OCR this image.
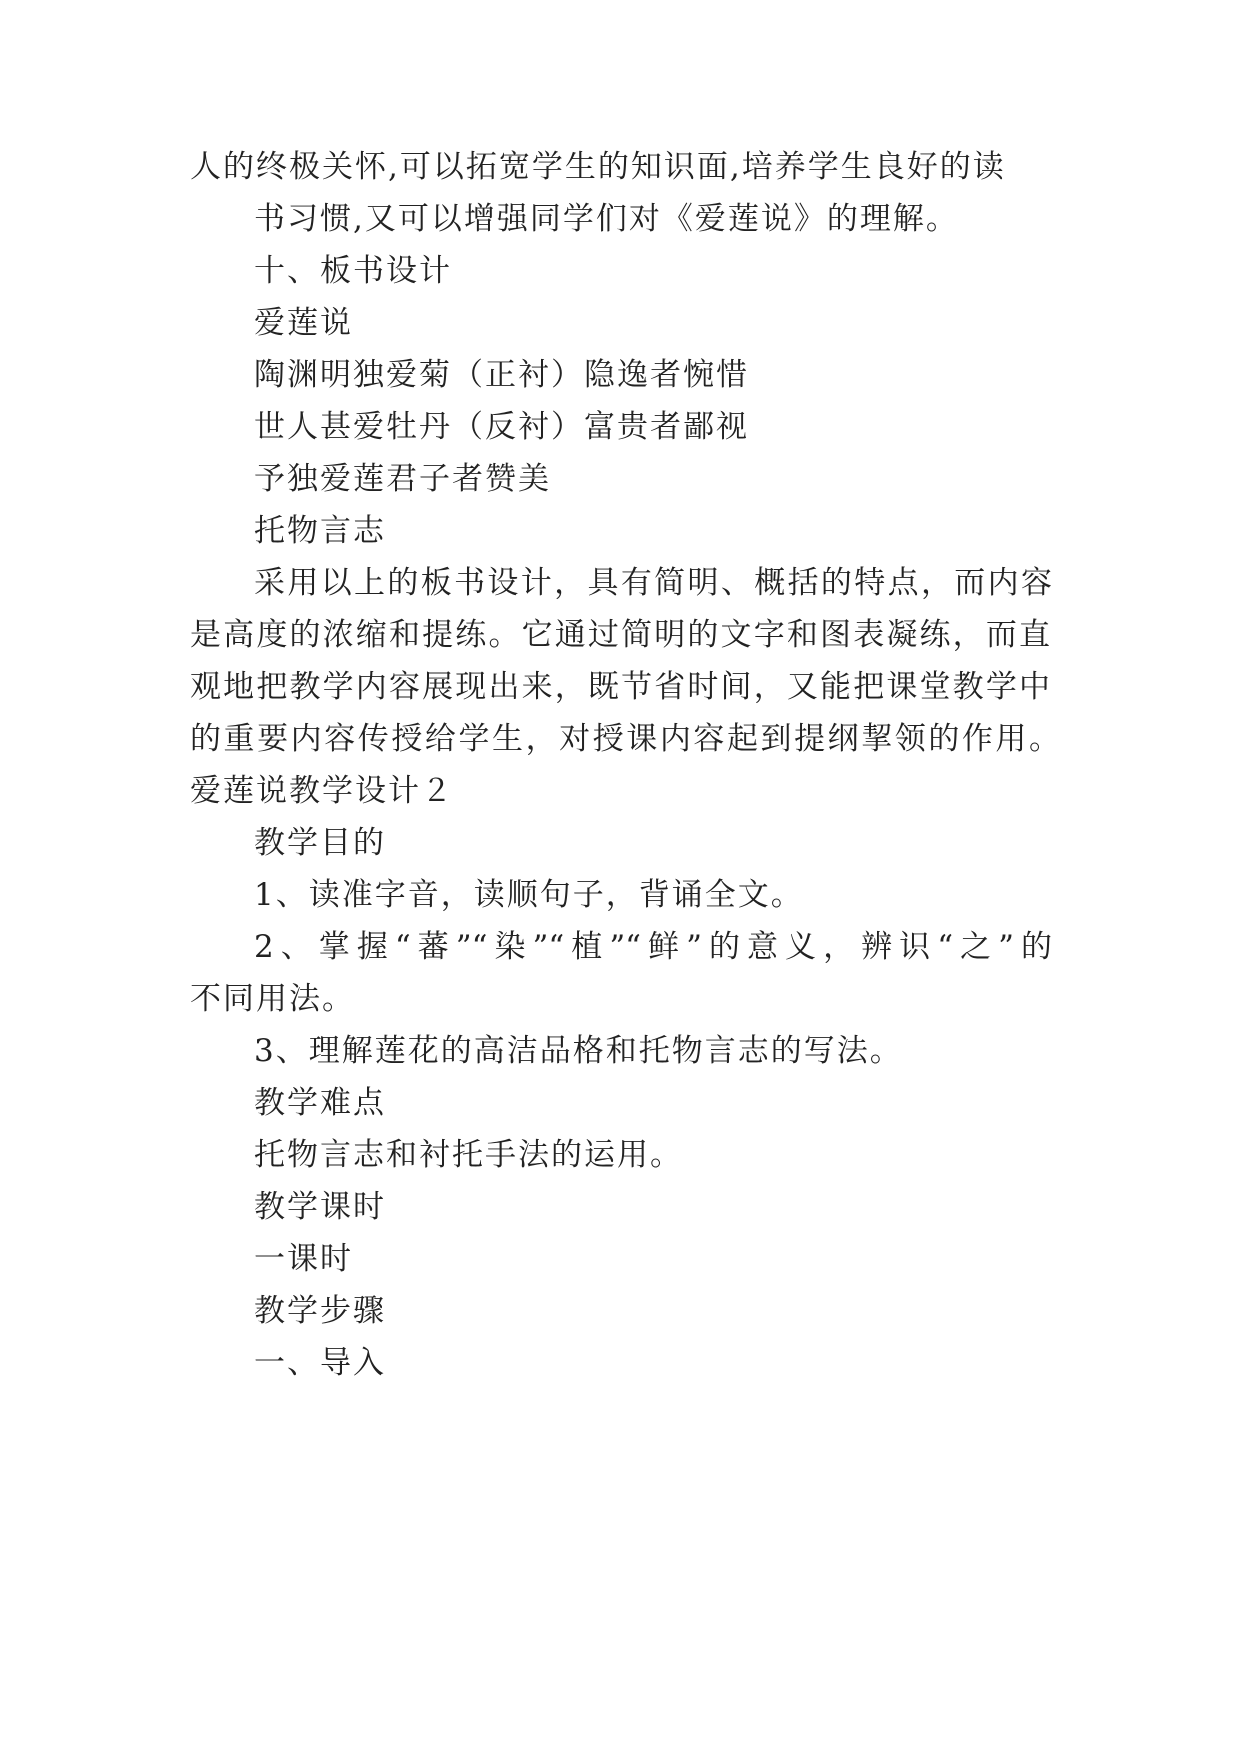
人的终极关怀,可以拓宽学生的知识面,培养学生良好的读

书习惯,又可以增强同学们对《爱莲说》的理解。

十、板书设计

爱莲说

陶渊明独爱菊（正衬）隐逸者惋惜

世人甚爱牡丹（反衬）富贵者鄙视

予独爱莲君子者赞美

托物言志

采用以上的板书设计，具有简明、概括的特点，而内容

是高度的浓缩和提练。它通过简明的文字和图表凝练，而直

观地把教学内容展现出来，既节省时间，又能把课堂教学中

的重要内容传授给学生，对授课内容起到提纲挈领的作用。

爱莲说教学设计２

教学目的

1、读准字音，读顺句子，背诵全文。

2、掌握“蕃”“染”“植”“鲜”的意义，辨识“之”的

不同用法。

3、理解莲花的高洁品格和托物言志的写法。

教学难点

托物言志和衬托手法的运用。

教学课时

一课时

教学步骤

一、导入
